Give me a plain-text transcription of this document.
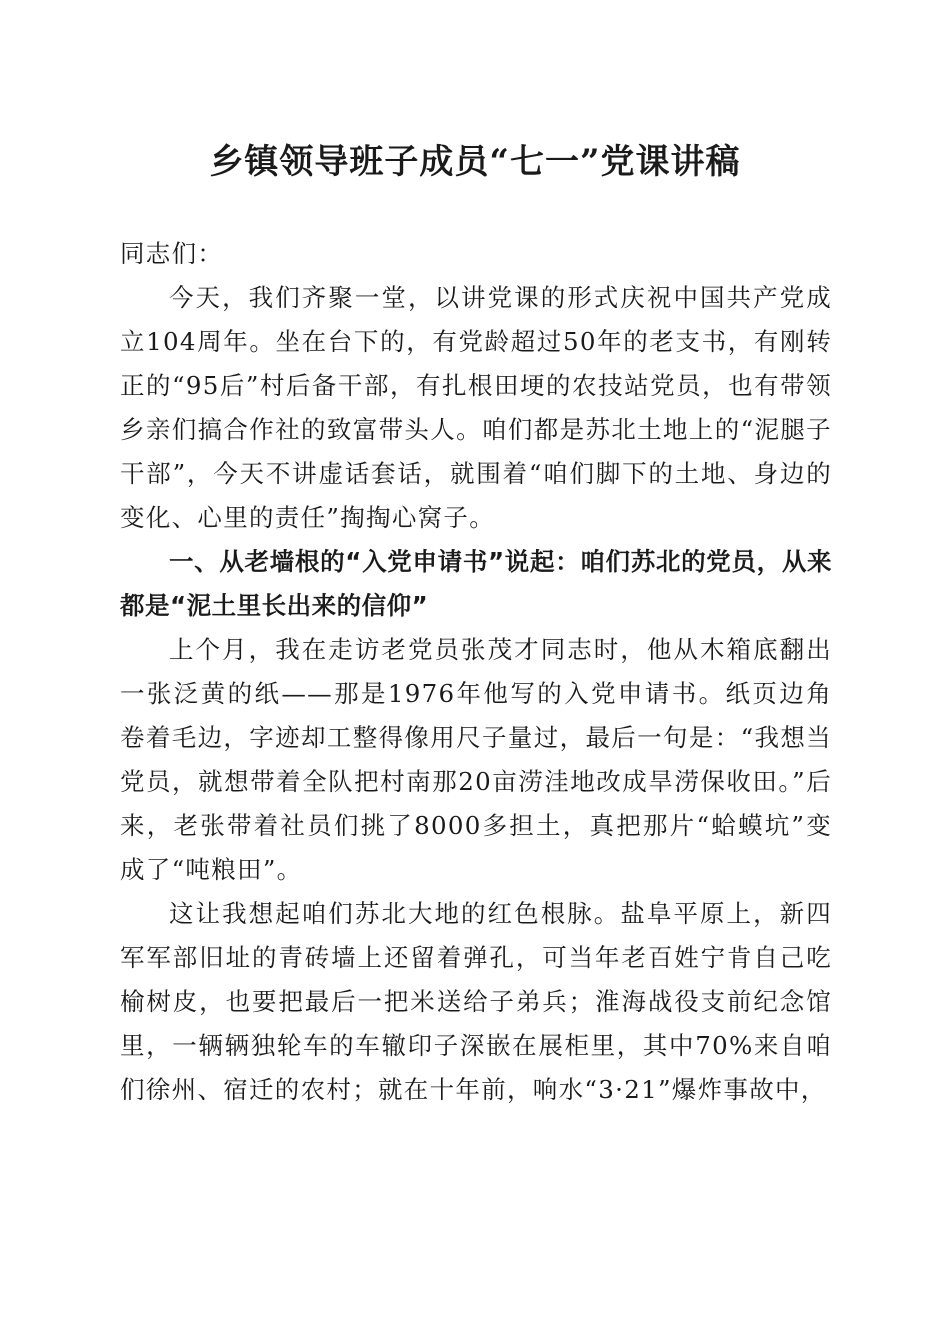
乡镇领导班子成员“七一”党课讲稿

同志们：

今天，我们齐聚一堂，以讲党课的形式庆祝中国共产党成立104周年。坐在台下的，有党龄超过50年的老支书，有刚转正的“95后”村后备干部，有扎根田埂的农技站党员，也有带领乡亲们搞合作社的致富带头人。咱们都是苏北土地上的“泥腿子干部”，今天不讲虚话套话，就围着“咱们脚下的土地、身边的变化、心里的责任”掏掏心窝子。

一、从老墙根的“入党申请书”说起：咱们苏北的党员，从来都是“泥土里长出来的信仰”

上个月，我在走访老党员张茂才同志时，他从木箱底翻出一张泛黄的纸——那是1976年他写的入党申请书。纸页边角卷着毛边，字迹却工整得像用尺子量过，最后一句是：“我想当党员，就想带着全队把村南那20亩涝洼地改成旱涝保收田。”后来，老张带着社员们挑了8000多担土，真把那片“蛤蟆坑”变成了“吨粮田”。

这让我想起咱们苏北大地的红色根脉。盐阜平原上，新四军军部旧址的青砖墙上还留着弹孔，可当年老百姓宁肯自己吃榆树皮，也要把最后一把米送给子弟兵；淮海战役支前纪念馆里，一辆辆独轮车的车辙印子深嵌在展柜里，其中70%来自咱们徐州、宿迁的农村；就在十年前，响水“3·21”爆炸事故中，
